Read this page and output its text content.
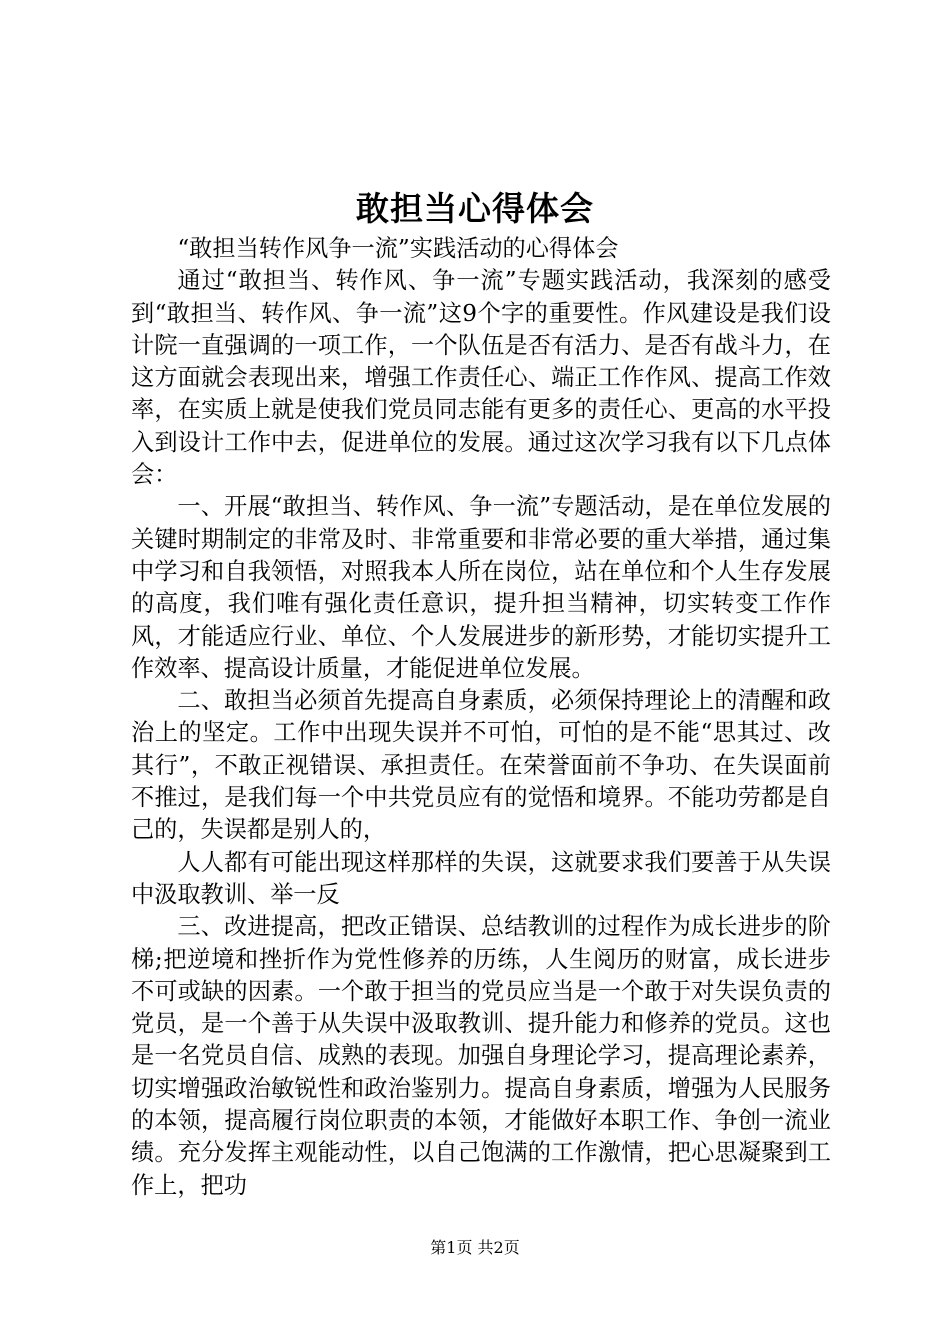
敢担当心得体会

“敢担当转作风争一流”实践活动的心得体会

通过“敢担当、转作风、争一流”专题实践活动，我深刻的感受到“敢担当、转作风、争一流”这9个字的重要性。作风建设是我们设计院一直强调的一项工作，一个队伍是否有活力、是否有战斗力，在这方面就会表现出来，增强工作责任心、端正工作作风、提高工作效率，在实质上就是使我们党员同志能有更多的责任心、更高的水平投入到设计工作中去，促进单位的发展。通过这次学习我有以下几点体会：

一、开展“敢担当、转作风、争一流”专题活动，是在单位发展的关键时期制定的非常及时、非常重要和非常必要的重大举措，通过集中学习和自我领悟，对照我本人所在岗位，站在单位和个人生存发展的高度，我们唯有强化责任意识，提升担当精神，切实转变工作作风，才能适应行业、单位、个人发展进步的新形势，才能切实提升工作效率、提高设计质量，才能促进单位发展。

二、敢担当必须首先提高自身素质，必须保持理论上的清醒和政治上的坚定。工作中出现失误并不可怕，可怕的是不能“思其过、改其行”，不敢正视错误、承担责任。在荣誉面前不争功、在失误面前不推过，是我们每一个中共党员应有的觉悟和境界。不能功劳都是自己的，失误都是别人的，

人人都有可能出现这样那样的失误，这就要求我们要善于从失误中汲取教训、举一反

三、改进提高，把改正错误、总结教训的过程作为成长进步的阶梯;把逆境和挫折作为党性修养的历练，人生阅历的财富，成长进步不可或缺的因素。一个敢于担当的党员应当是一个敢于对失误负责的党员，是一个善于从失误中汲取教训、提升能力和修养的党员。这也是一名党员自信、成熟的表现。加强自身理论学习，提高理论素养，切实增强政治敏锐性和政治鉴别力。提高自身素质，增强为人民服务的本领，提高履行岗位职责的本领，才能做好本职工作、争创一流业绩。充分发挥主观能动性，以自己饱满的工作激情，把心思凝聚到工作上，把功

第1页 共2页
